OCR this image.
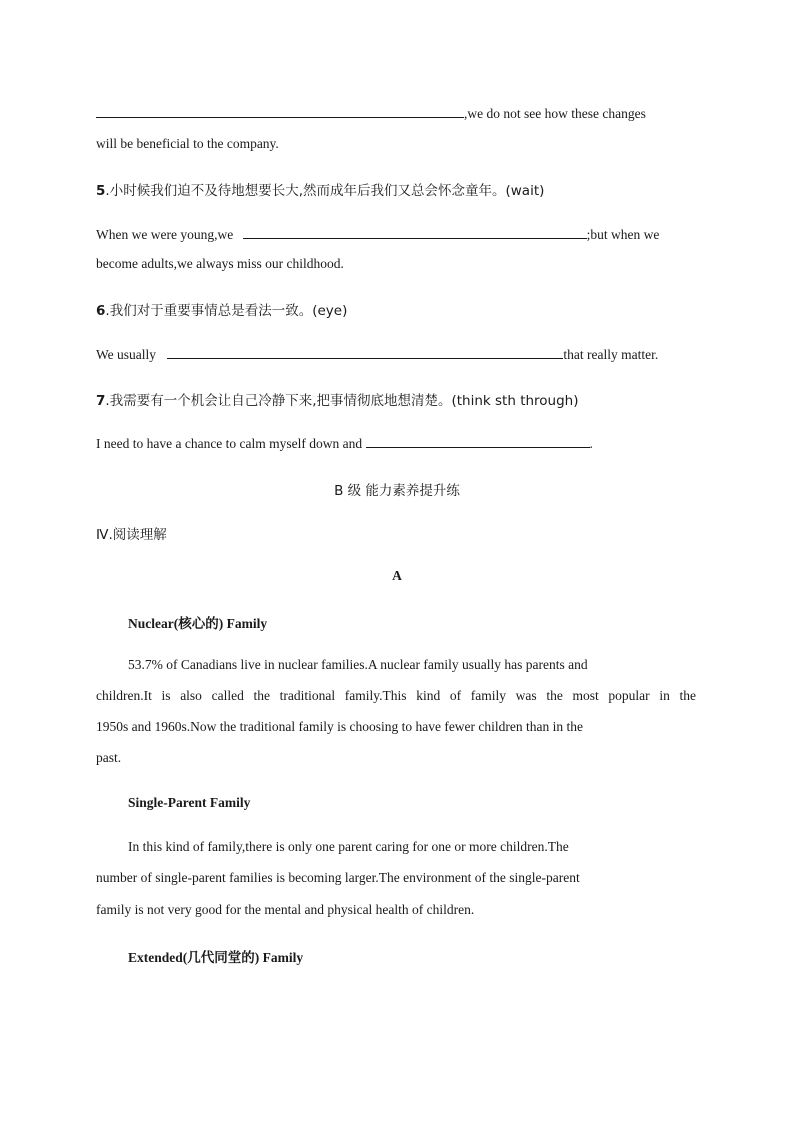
,we do not see how these changes
will be beneficial to the company.
5.小时候我们迫不及待地想要长大,然而成年后我们又总会怀念童年。(wait)
When we were young,we	;but when we
become adults,we always miss our childhood.
6.我们对于重要事情总是看法一致。(eye)
We usually	that really matter.
7.我需要有一个机会让自己冷静下来,把事情彻底地想清楚。(think sth through)
I need to have a chance to calm myself down and	.
B 级 能力素养提升练
Ⅳ.阅读理解
A
Nuclear(核心的) Family
53.7% of Canadians live in nuclear families.A nuclear family usually has parents and
children.It is also called the traditional family.This kind of family was the most popular in the
1950s and 1960s.Now the traditional family is choosing to have fewer children than in the
past.
Single-Parent Family
In this kind of family,there is only one parent caring for one or more children.The
number of single-parent families is becoming larger.The environment of the single-parent
family is not very good for the mental and physical health of children.
Extended(几代同堂的) Family
